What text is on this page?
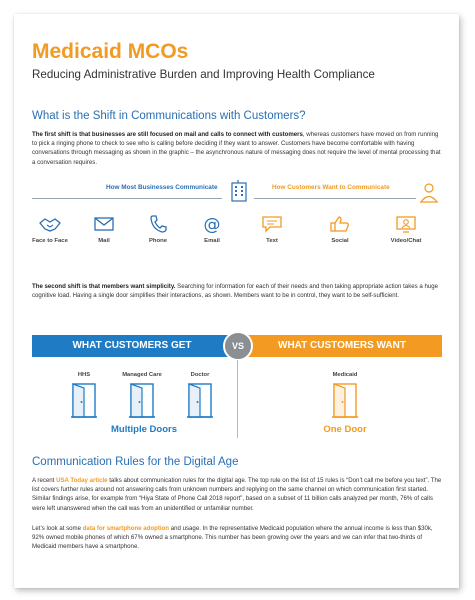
Medicaid MCOs
Reducing Administrative Burden and Improving Health Compliance
What is the Shift in Communications with Customers?

The first shift is that businesses are still focused on mail and calls to connect with customers, whereas customers have moved on from running to pick a ringing phone to check to see who is calling before deciding if they want to answer. Customers have become comfortable with having conversations through messaging as shown in the graphic – the asynchronous nature of messaging does not require the level of mental processing that a conversation requires.

How Most Businesses Communicate	How Customers Want to Communicate
Face to Face	Mail	Phone
@
Email	Text	Social	Video/Chat

The second shift is that members want simplicity. Searching for information for each of their needs and then taking appropriate action takes a huge cognitive load. Having a single door simplifies their interactions, as shown. Members want to be in control, they want to be self-sufficient.

WHAT CUSTOMERS GET	WHAT CUSTOMERS WANT
VS
HHS	Managed Care	Doctor
Multiple Doors
Medicaid
One Door
Communication Rules for the Digital Age

A recent USA Today article talks about communication rules for the digital age. The top rule on the list of 15 rules is “Don’t call me before you text”. The list covers further rules around not answering calls from unknown numbers and replying on the same channel on which communication first started. Similar findings arise, for example from “Hiya State of Phone Call 2018 report”, based on a subset of 11 billion calls analyzed per month, 76% of calls were left unanswered when the call was from an unidentified or unfamiliar number.

Let’s look at some data for smartphone adoption and usage. In the representative Medicaid population where the annual income is less than $30k, 92% owned mobile phones of which 67% owned a smartphone. This number has been growing over the years and we can infer that two-thirds of Medicaid members have a smartphone.
